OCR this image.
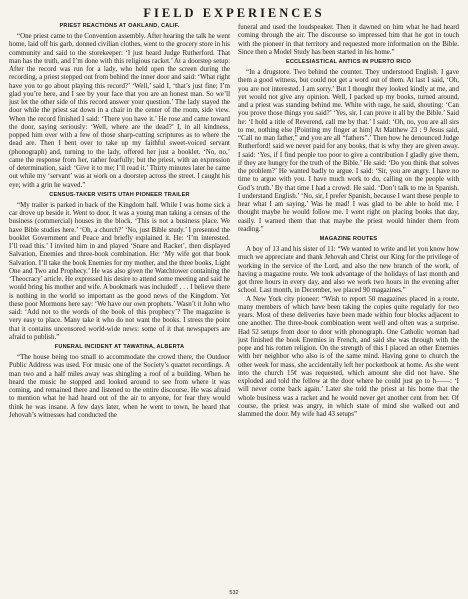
FIELD EXPERIENCES
PRIEST REACTIONS AT OAKLAND, CALIF.

“One priest came to the Convention assembly. After hearing the talk he went home, laid off his garb, donned civilian clothes, went to the grocery store in his community and said to the storekeeper: ‘I just heard Judge Rutherford. That man has the truth, and I’m done with this religious racket.’ At a doorstep setup: After the record was run for a lady, who held open the screen during the recording, a priest stepped out from behind the inner door and said: ‘What right have you to go about playing this record?’ ‘Well,’ said I, ‘that’s just fine; I’m glad you’re here, and I see by your face that you are an honest man. So we’ll just let the other side of this record answer your question.’ The lady stayed the door while the priest sat down in a chair in the center of the room, side view. When the record finished I said: ‘There you have it.’ He rose and came toward the door, saying seriously: ‘Well, where are the dead?’ I, in all kindness, popped him over with a few of those sharp-cutting scriptures as to where the dead are. Then I bent over to take up my faithful sweet-voiced servant (phonograph) and, turning to the lady, offered her just a booklet. ‘No, no,’ came the response from her, rather fearfully; but the priest, with an expression of determination, said: ‘Give it to me; I’ll read it.’ Thirty minutes later he came out while my ‘servant’ was at work on a doorstep across the street. I caught his eye; with a grin he waved.”

CENSUS-TAKER VISITS UTAH PIONEER TRAILER

“My trailer is parked in back of the Kingdom hall. While I was home sick a car drove up beside it. Went to door. It was a young man taking a census of the business (commercial) houses in the block. ‘This is not a business place. We have Bible studies here.’ ‘Oh, a church?’ ‘No, just Bible study.’ I presented the booklet Government and Peace and briefly explained it. He: ‘I’m interested. I’ll read this.’ I invited him in and played ‘Snare and Racket’, then displayed Salvation, Enemies and three-book combination. He: ‘My wife got that book Salvation. I’ll take the book Enemies for my mother, and the three books, Light One and Two and Prophecy.’ He was also given the Watchtower containing the ‘Theocracy’ article. He expressed his desire to attend some meeting and said he would bring his mother and wife. A bookmark was included! . . . I believe there is nothing in the world so important as the good news of the Kingdom. Yet these poor Mormons here say: ‘We have our own prophets.’ Wasn’t it John who said: ‘Add not to the words of the book of this prophecy’? The magazine is very easy to place. Many take it who do not want the books. I stress the point that it contains uncensored world-wide news: some of it that newspapers are afraid to publish.”

FUNERAL INCIDENT AT TAWATINA, ALBERTA

“The house being too small to accommodate the crowd there, the Outdoor Public Address was used. For music one of the Society’s quartet recordings. A man two and a half miles away was shingling a roof of a building. When he heard the music he stopped and looked around to see from where it was coming, and remained there and listened to the entire discourse. He was afraid to mention what he had heard out of the air to anyone, for fear they would think he was insane. A few days later, when he went to town, he heard that Jehovah’s witnesses had conducted the

funeral and used the loudspeaker. Then it dawned on him what he had heard coming through the air. The discourse so impressed him that he got in touch with the pioneer in that territory and requested more information on the Bible. Since then a Model Study has been started in his home.”

ECCLESIASTICAL ANTICS IN PUERTO RICO

“In a drugstore. Two behind the counter. They understood English. I gave them a good witness, but could not get a word out of them. At last I said, ‘Oh, you are not interested. I am sorry.’ But I thought they looked kindly at me, and yet would not give any opinion. Well, I packed up my books, turned around, and a priest was standing behind me. White with rage, he said, shouting: ‘Can you prove those things you said?’ ‘Yes, sir, I can prove it all by the Bible.’ Said he: ‘I hold a title of Reverend, call me by that.’ I said: ‘Oh, no, you are all sirs to me, nothing else [Pointing my finger at him] At Matthew 23 : 9 Jesus said, “Call no man father,” and you are all “fathers”.’ Then how he denounced Judge Rutherford! said we never paid for any books, that is why they are given away. I said: ‘Yes, if I find people too poor to give a contribution I gladly give them, if they are hungry for the truth of the Bible.’ He said: ‘Do you think that solves the problem?’ He wanted badly to argue. I said: ‘Sir, you are angry. I have no time to argue with you. I have much work to do, calling on the people with God’s truth.’ By that time I had a crowd. He said. ‘Don’t talk to me in Spanish. I understand English.’ ‘No, sir, I prefer Spanish, because I want these people to hear what I am saying.’ Was he mad! I was glad to be able to hold me. I thought maybe he would follow me. I went right on placing books that day, easily. I warned them that that maybe the priest would hinder them from reading.”

MAGAZINE ROUTES

A boy of 13 and his sister of 11: “We wanted to write and let you know how much we appreciate and thank Jehovah and Christ our King for the privilege of working in the service of the Lord, and also the new branch of the work, of having a magazine route. We took advantage of the holidays of last month and got three hours in every day, and also we work two hours in the evening after school. Last month, in December, we placed 90 magazines.”

A New York city pioneer: “Wish to report 50 magazines placed in a route, many members of which have been taking the copies quite regularly for two years. Most of these deliveries have been made within four blocks adjacent to one another. The three-book combination went well and often was a surprise. Had 52 setups from door to door with phonograph. One Catholic woman had just finished the book Enemies in French, and said she was through with the pope and his rotten religion. On the strength of this I placed an other Enemies with her neighbor who also is of the same mind. Having gone to church the other week for mass, she accidentally left her pocketbook at home. As she went into the church 15¢ was requested, which amount she did not have. She exploded and told the fellow at the door where he could just go to h——: ‘I will never come back again.’ Later she told the priest at his home that the whole business was a racket and he would never get another cent from her. Of course, the priest was angry, in which state of mind she walked out and slammed the door. My wife had 43 setups”

532
